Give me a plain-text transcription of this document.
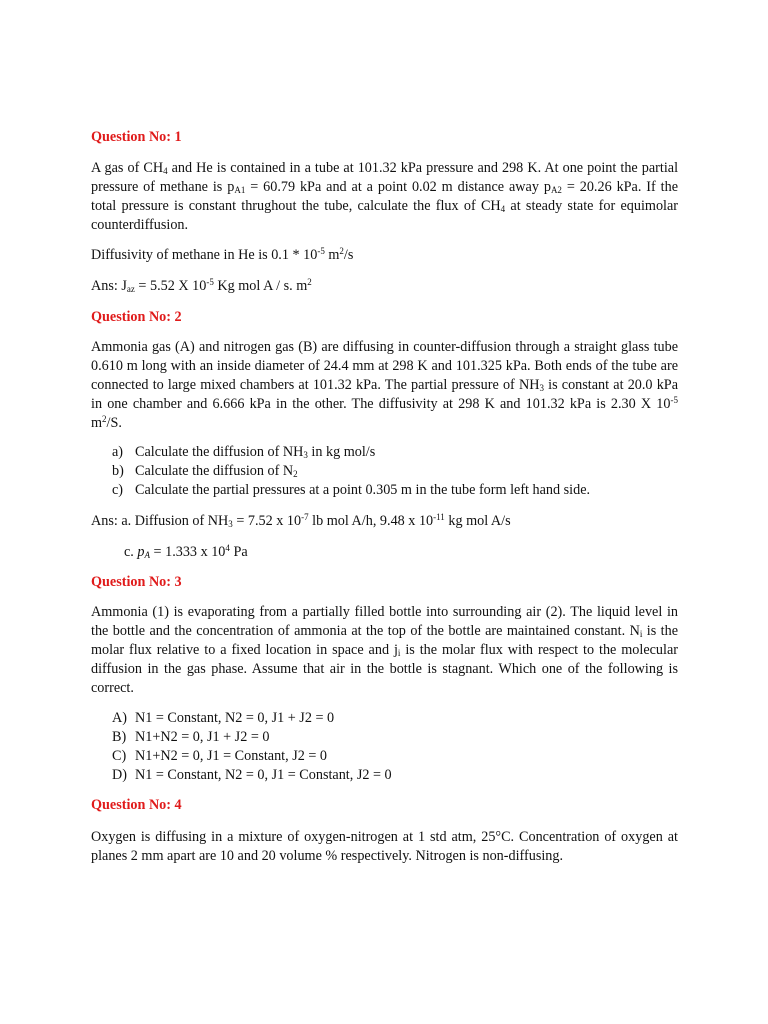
Question No: 1
A gas of $CH_4$ and He is contained in a tube at 101.32 kPa pressure and 298 K. At one point the partial pressure of methane is $p_{A1} = 60.79$ kPa and at a point 0.02 m distance away $p_{A2} = 20.26$ kPa. If the total pressure is constant thrughout the tube, calculate the flux of $CH_4$ at steady state for equimolar counterdiffusion.
Diffusivity of methane in He is $0.1 * 10^{-5}$ $m^2/s$
Ans: $J_{az} = 5.52$ X $10^{-5}$ Kg mol A / s. $m^2$
Question No: 2
Ammonia gas (A) and nitrogen gas (B) are diffusing in counter-diffusion through a straight glass tube 0.610 m long with an inside diameter of 24.4 mm at 298 K and 101.325 kPa. Both ends of the tube are connected to large mixed chambers at 101.32 kPa. The partial pressure of $NH_3$ is constant at 20.0 kPa in one chamber and 6.666 kPa in the other. The diffusivity at 298 K and 101.32 kPa is 2.30 X $10^{-5}$ $m^2/S$.
a) Calculate the diffusion of $NH_3$ in kg mol/s
b) Calculate the diffusion of $N_2$
c) Calculate the partial pressures at a point 0.305 m in the tube form left hand side.
Ans: a. Diffusion of $NH_3 = 7.52$ x $10^{-7}$ lb mol A/h, 9.48 x $10^{-11}$ kg mol A/s
c. $p_A = 1.333$ x $10^4$ Pa
Question No: 3
Ammonia (1) is evaporating from a partially filled bottle into surrounding air (2). The liquid level in the bottle and the concentration of ammonia at the top of the bottle are maintained constant. $N_i$ is the molar flux relative to a fixed location in space and $j_i$ is the molar flux with respect to the molecular diffusion in the gas phase. Assume that air in the bottle is stagnant. Which one of the following is correct.
A) N1 = Constant, N2 = 0, J1 + J2 = 0
B) N1+N2 = 0, J1 + J2 = 0
C) N1+N2 = 0, J1 = Constant, J2 = 0
D) N1 = Constant, N2 = 0, J1 = Constant, J2 = 0
Question No: 4
Oxygen is diffusing in a mixture of oxygen-nitrogen at 1 std atm, 25°C. Concentration of oxygen at planes 2 mm apart are 10 and 20 volume % respectively. Nitrogen is non-diffusing.
